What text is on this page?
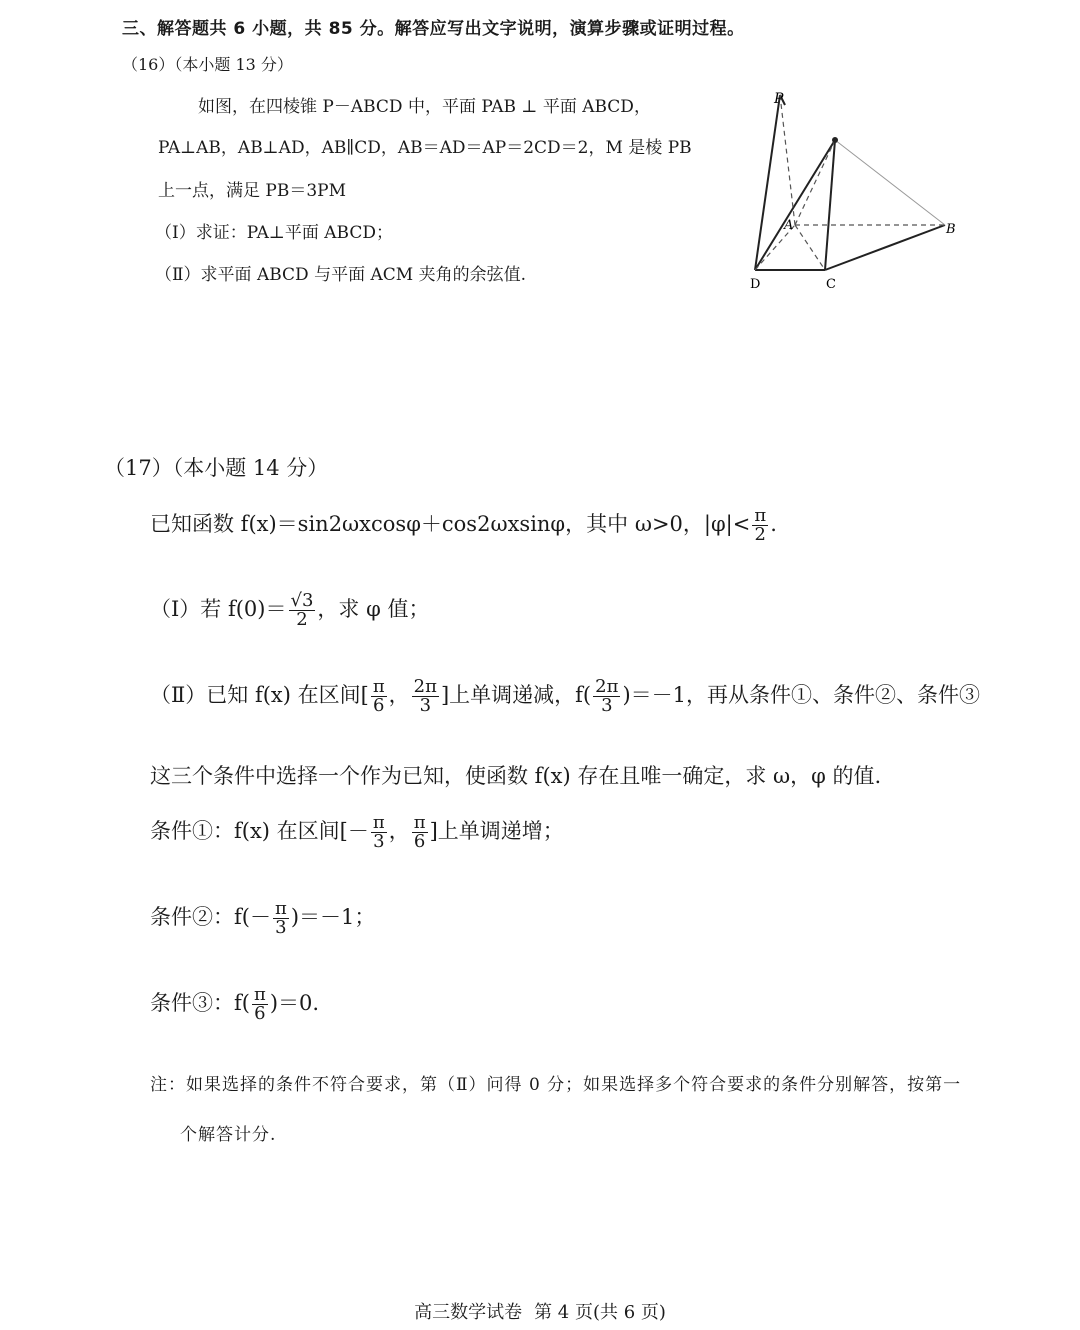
三、解答题共 6 小题，共 85 分。解答应写出文字说明，演算步骤或证明过程。
（16）（本小题 13 分）
如图，在四棱锥 P－ABCD 中，平面 PAB ⊥ 平面 ABCD，
PA⊥AB，AB⊥AD，AB∥CD，AB＝AD＝AP＝2CD＝2，M 是棱 PB
上一点，满足 PB＝3PM
（Ⅰ）求证：PA⊥平面 ABCD；
（Ⅱ）求平面 ABCD 与平面 ACM 夹角的余弦值.
P
A	B
C
D
（17）（本小题 14 分）
已知函数 f(x)＝sin2ωxcosφ＋cos2ωxsinφ，其中 ω>0，$|\varphi|< \frac{\pi}{2}$ .
（Ⅰ）若 $f(0)= \frac{√3}{2}$ ，求 φ 值；
（Ⅱ）已知 f(x) 在区间[ $\frac{\pi}{6}$ ， $\frac{2\pi}{3}$ ]上单调递减，$f( \frac{2\pi}{3} )=-1$，再从条件①、条件②、条件③
这三个条件中选择一个作为已知，使函数 f(x) 存在且唯一确定，求 ω，φ 的值.
条件①：f(x) 在区间[－ $\frac{\pi}{3}$ ， $\frac{\pi}{6}$ ]上单调递增；
条件②：$f(- \frac{\pi}{3} )=-1$；
条件③：$f( \frac{\pi}{6} )=0$.
注：如果选择的条件不符合要求，第（Ⅱ）问得 0 分；如果选择多个符合要求的条件分别解答，按第一
个解答计分.
高三数学试卷 第 4 页(共 6 页)
